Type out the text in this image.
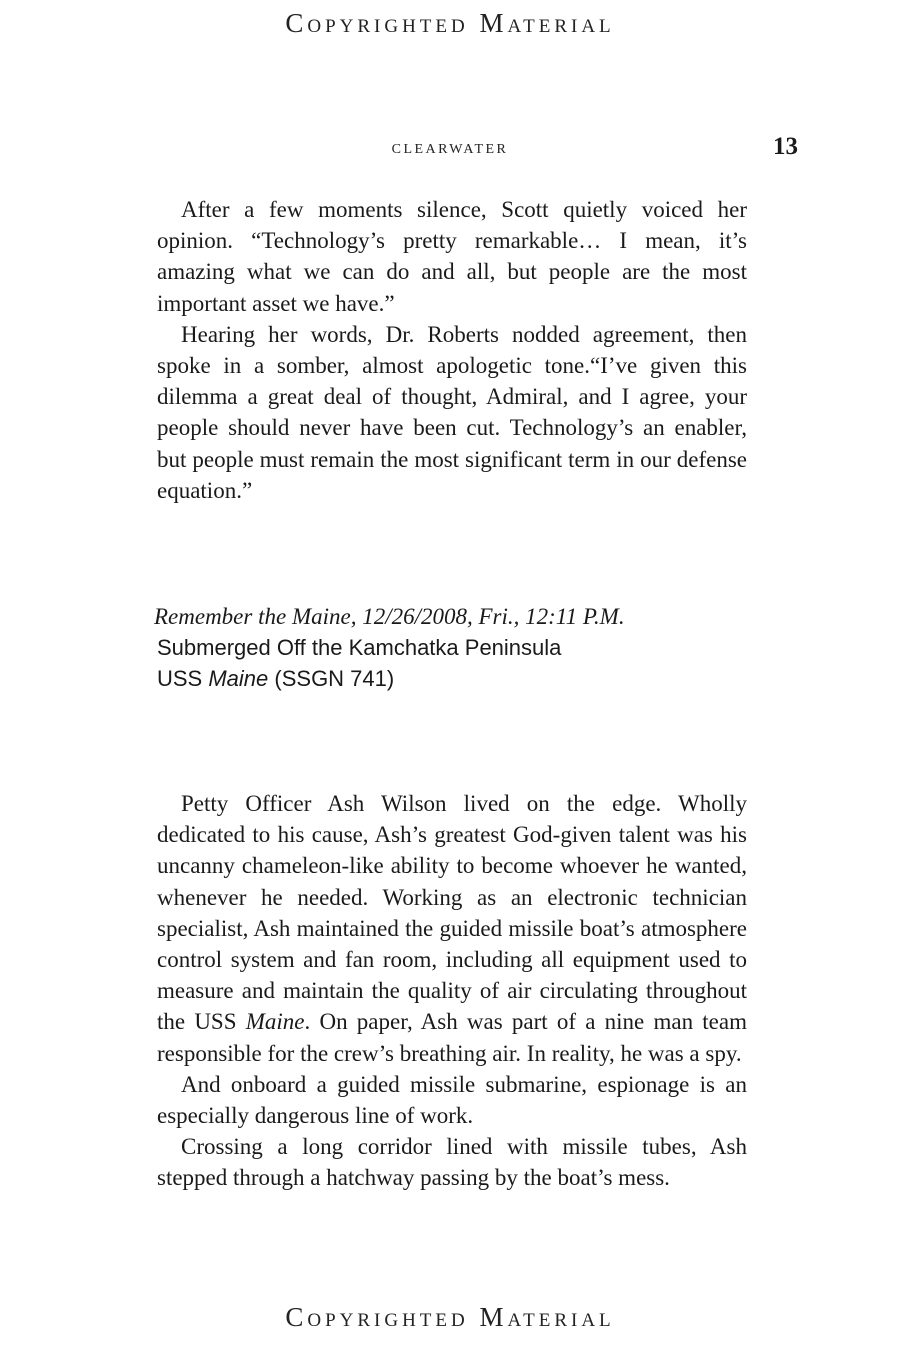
Copyrighted Material
clearwater	13

After a few moments silence, Scott quietly voiced her opinion. “Technology’s pretty remarkable… I mean, it’s amazing what we can do and all, but people are the most important asset we have.”

Hearing her words, Dr. Roberts nodded agreement, then spoke in a somber, almost apologetic tone.“I’ve given this dilemma a great deal of thought, Admiral, and I agree, your people should never have been cut. Technology’s an enabler, but people must remain the most significant term in our defense equation.”

Remember the Maine, 12/26/2008, Fri., 12:11 P.M.
Submerged Off the Kamchatka Peninsula
USS Maine (SSGN 741)

Petty Officer Ash Wilson lived on the edge. Wholly dedicated to his cause, Ash’s greatest God-given talent was his uncanny chameleon-like ability to become whoever he wanted, whenever he needed. Working as an electronic technician specialist, Ash maintained the guided missile boat’s atmosphere control system and fan room, including all equipment used to measure and maintain the quality of air circulating throughout the USS Maine. On paper, Ash was part of a nine man team responsible for the crew’s breathing air. In reality, he was a spy.

And onboard a guided missile submarine, espionage is an especially dangerous line of work.

Crossing a long corridor lined with missile tubes, Ash stepped through a hatchway passing by the boat’s mess.

Copyrighted Material
